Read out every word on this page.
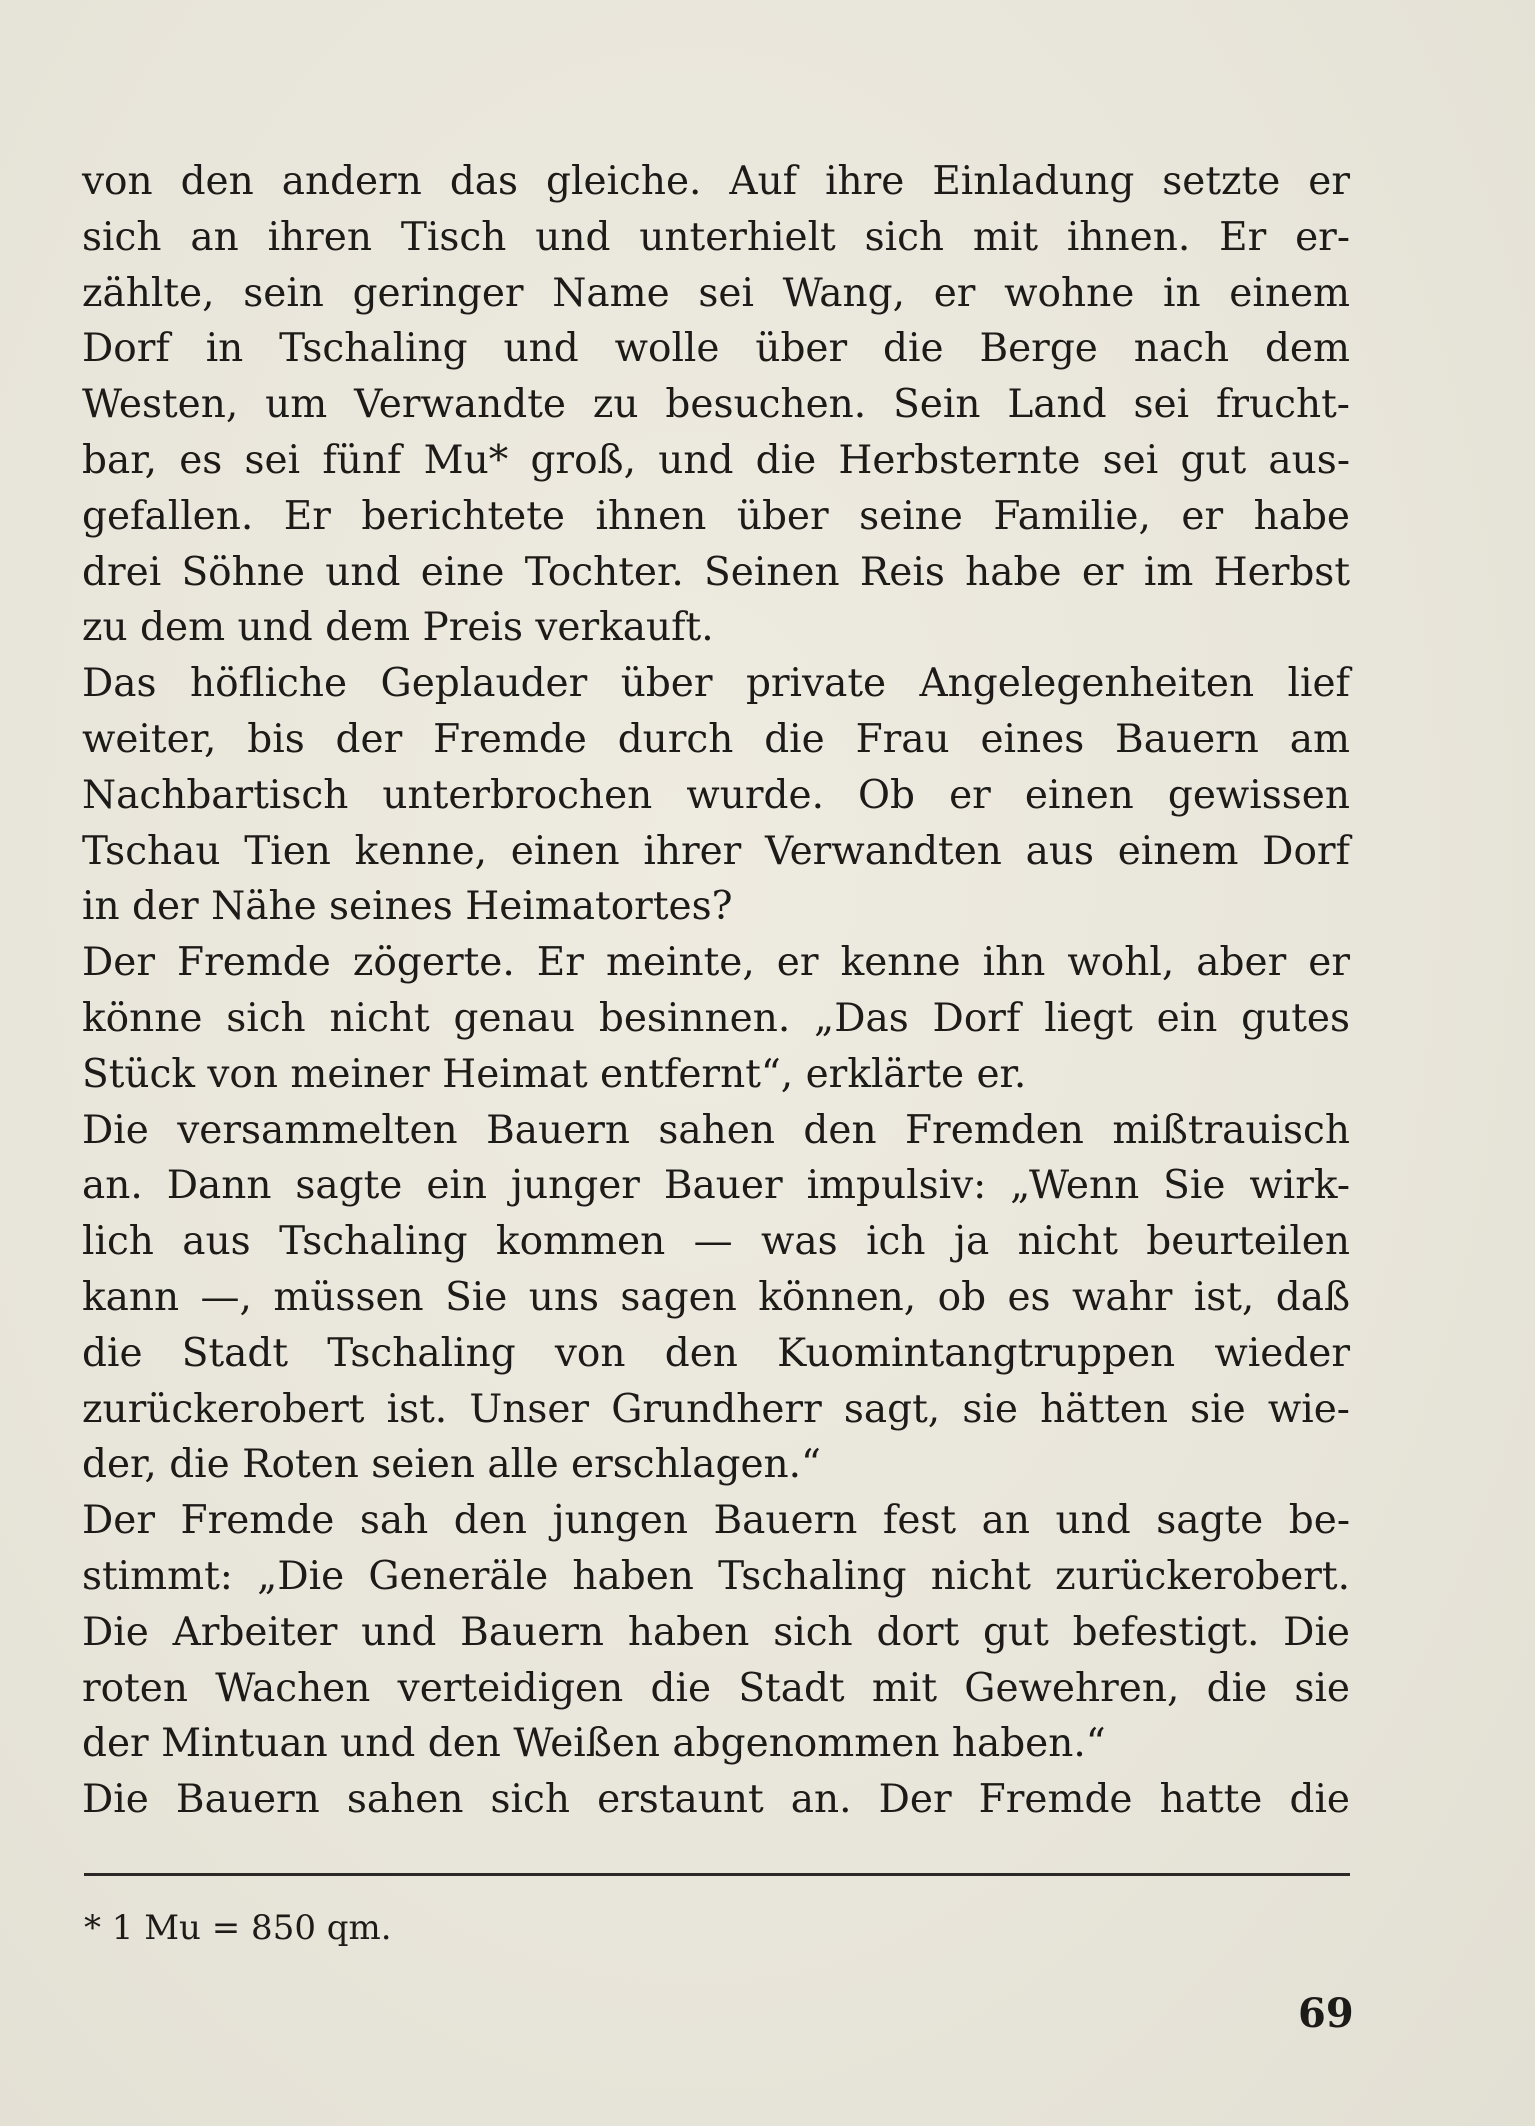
von den andern das gleiche. Auf ihre Einladung setzte er
sich an ihren Tisch und unterhielt sich mit ihnen. Er er-
zählte, sein geringer Name sei Wang, er wohne in einem
Dorf in Tschaling und wolle über die Berge nach dem
Westen, um Verwandte zu besuchen. Sein Land sei frucht-
bar, es sei fünf Mu* groß, und die Herbsternte sei gut aus-
gefallen. Er berichtete ihnen über seine Familie, er habe
drei Söhne und eine Tochter. Seinen Reis habe er im Herbst
zu dem und dem Preis verkauft.
Das höfliche Geplauder über private Angelegenheiten lief
weiter, bis der Fremde durch die Frau eines Bauern am
Nachbartisch unterbrochen wurde. Ob er einen gewissen
Tschau Tien kenne, einen ihrer Verwandten aus einem Dorf
in der Nähe seines Heimatortes?
Der Fremde zögerte. Er meinte, er kenne ihn wohl, aber er
könne sich nicht genau besinnen. „Das Dorf liegt ein gutes
Stück von meiner Heimat entfernt“, erklärte er.
Die versammelten Bauern sahen den Fremden mißtrauisch
an. Dann sagte ein junger Bauer impulsiv: „Wenn Sie wirk-
lich aus Tschaling kommen — was ich ja nicht beurteilen
kann —, müssen Sie uns sagen können, ob es wahr ist, daß
die Stadt Tschaling von den Kuomintangtruppen wieder
zurückerobert ist. Unser Grundherr sagt, sie hätten sie wie-
der, die Roten seien alle erschlagen.“
Der Fremde sah den jungen Bauern fest an und sagte be-
stimmt: „Die Generäle haben Tschaling nicht zurückerobert.
Die Arbeiter und Bauern haben sich dort gut befestigt. Die
roten Wachen verteidigen die Stadt mit Gewehren, die sie
der Mintuan und den Weißen abgenommen haben.“
Die Bauern sahen sich erstaunt an. Der Fremde hatte die
* 1 Mu = 850 qm.
69
